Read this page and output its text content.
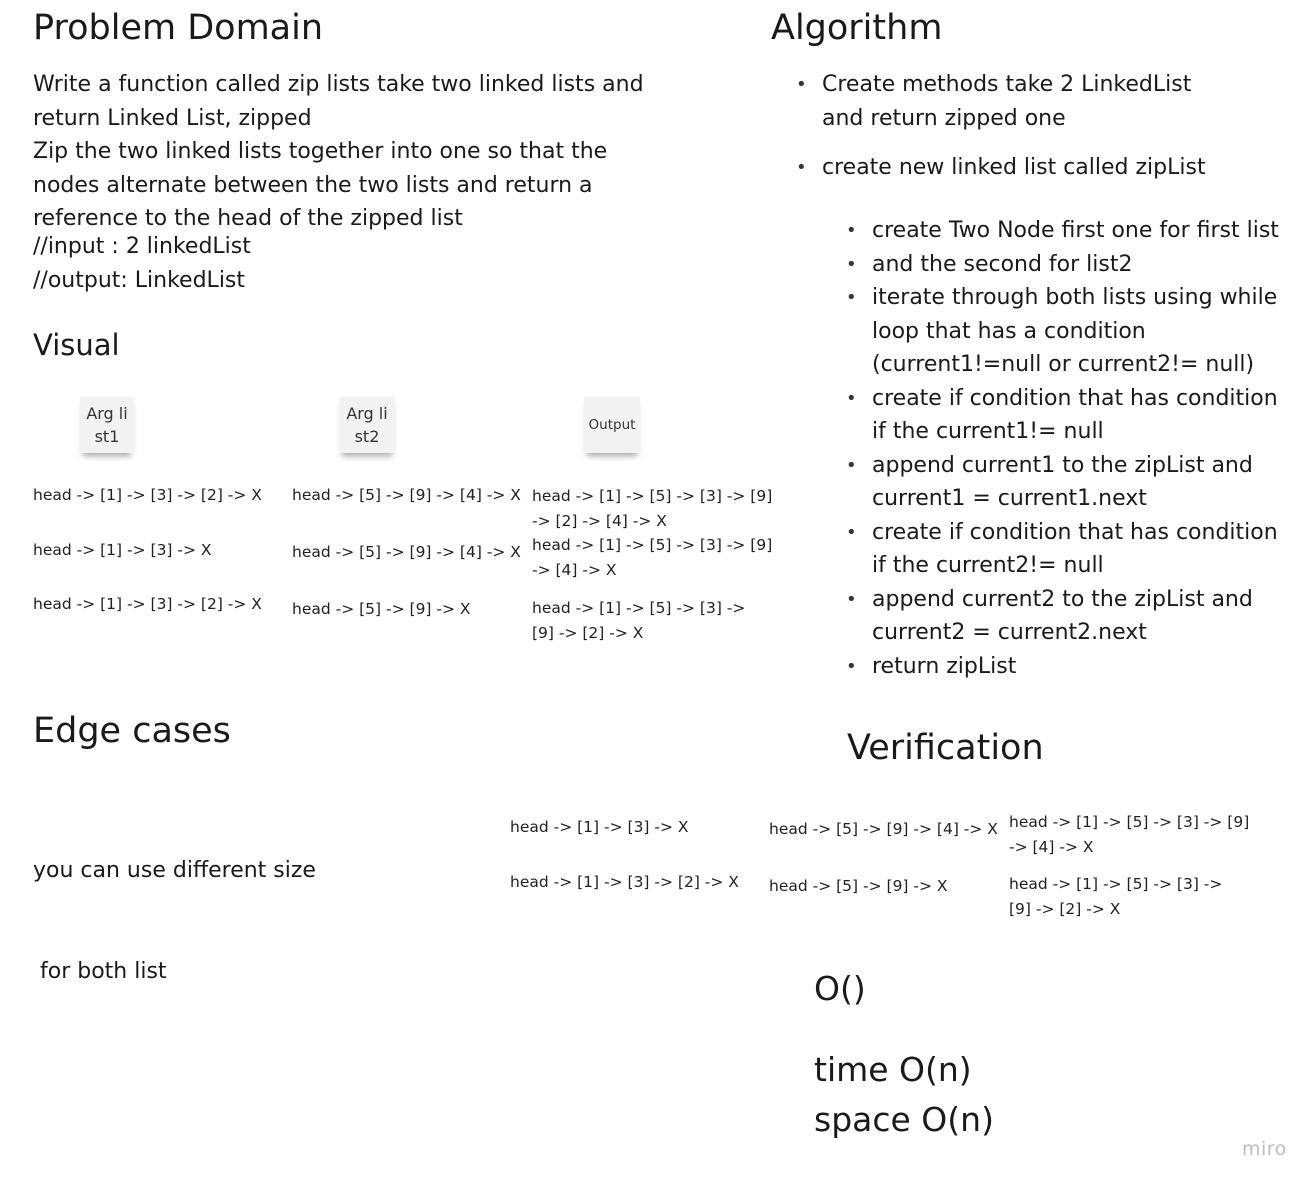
Problem Domain
Write a function called zip lists take two linked lists and
return Linked List, zipped
Zip the two linked lists together into one so that the
nodes alternate between the two lists and return a
reference to the head of the zipped list
//input : 2 linkedList
//output: LinkedList
Visual
Arg li
st1
Arg li
st2
Output
head -> [1] -> [3] -> [2] -> X
head -> [1] -> [3] -> X
head -> [1] -> [3] -> [2] -> X
head -> [5] -> [9] -> [4] -> X
head -> [5] -> [9] -> [4] -> X
head -> [5] -> [9] -> X
head -> [1] -> [5] -> [3] -> [9]
-> [2] -> [4] -> X
head -> [1] -> [5] -> [3] -> [9]
-> [4] -> X
head -> [1] -> [5] -> [3] ->
[9] -> [2] -> X
Edge cases

you can use different size

for both list

Algorithm
• Create methods take 2 LinkedList
and return zipped one
• create new linked list called zipList
• create Two Node first one for first list
• and the second for list2
• iterate through both lists using while
loop that has a condition
(current1!=null or current2!= null)
• create if condition that has condition
if the current1!= null
• append current1 to the zipList and
current1 = current1.next
• create if condition that has condition
if the current2!= null
• append current2 to the zipList and
current2 = current2.next
• return zipList
Verification
head -> [1] -> [3] -> X
head -> [1] -> [3] -> [2] -> X
head -> [5] -> [9] -> [4] -> X
head -> [5] -> [9] -> X
head -> [1] -> [5] -> [3] -> [9]
-> [4] -> X
head -> [1] -> [5] -> [3] ->
[9] -> [2] -> X
O()
time O(n)
space O(n)
miro
